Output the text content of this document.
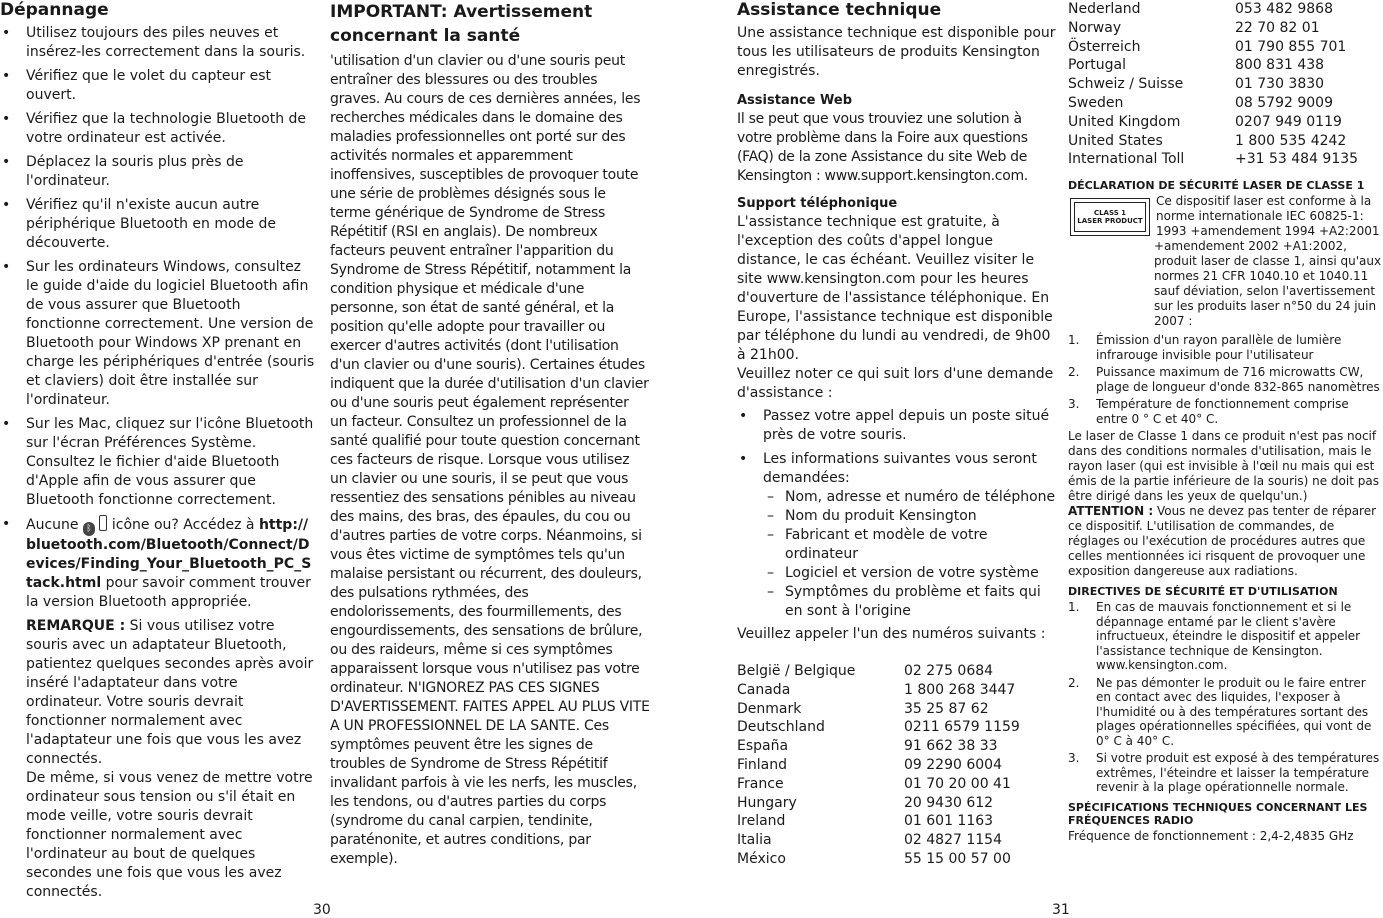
Dépannage
• Utilisez toujours des piles neuves et insérez-les correctement dans la souris.
• Vérifiez que le volet du capteur est ouvert.
• Vérifiez que la technologie Bluetooth de votre ordinateur est activée.
• Déplacez la souris plus près de l'ordinateur.
• Vérifiez qu'il n'existe aucun autre périphérique Bluetooth en mode de découverte.
• Sur les ordinateurs Windows, consultez le guide d'aide du logiciel Bluetooth afin de vous assurer que Bluetooth fonctionne correctement. Une version de Bluetooth pour Windows XP prenant en charge les périphériques d'entrée (souris et claviers) doit être installée sur l'ordinateur.
• Sur les Mac, cliquez sur l'icône Bluetooth sur l'écran Préférences Système. Consultez le fichier d'aide Bluetooth d'Apple afin de vous assurer que Bluetooth fonctionne correctement.
• Aucune ᛒ icône ou? Accédez à http://bluetooth.com/Bluetooth/Connect/Devices/Finding_Your_Bluetooth_PC_Stack.html pour savoir comment trouver la version Bluetooth appropriée.
REMARQUE : Si vous utilisez votre souris avec un adaptateur Bluetooth, patientez quelques secondes après avoir inséré l'adaptateur dans votre ordinateur. Votre souris devrait fonctionner normalement avec l'adaptateur une fois que vous les avez connectés.
De même, si vous venez de mettre votre ordinateur sous tension ou s'il était en mode veille, votre souris devrait fonctionner normalement avec l'ordinateur au bout de quelques secondes une fois que vous les avez connectés.
IMPORTANT: Avertissement concernant la santé
'utilisation d'un clavier ou d'une souris peut entraîner des blessures ou des troubles graves. Au cours de ces dernières années, les recherches médicales dans le domaine des maladies professionnelles ont porté sur des activités normales et apparemment inoffensives, susceptibles de provoquer toute une série de problèmes désignés sous le terme générique de Syndrome de Stress Répétitif (RSI en anglais). De nombreux facteurs peuvent entraîner l'apparition du Syndrome de Stress Répétitif, notamment la condition physique et médicale d'une personne, son état de santé général, et la position qu'elle adopte pour travailler ou exercer d'autres activités (dont l'utilisation d'un clavier ou d'une souris). Certaines études indiquent que la durée d'utilisation d'un clavier ou d'une souris peut également représenter un facteur. Consultez un professionnel de la santé qualifié pour toute question concernant ces facteurs de risque. Lorsque vous utilisez un clavier ou une souris, il se peut que vous ressentiez des sensations pénibles au niveau des mains, des bras, des épaules, du cou ou d'autres parties de votre corps. Néanmoins, si vous êtes victime de symptômes tels qu'un malaise persistant ou récurrent, des douleurs, des pulsations rythmées, des endolorissements, des fourmillements, des engourdissements, des sensations de brûlure, ou des raideurs, même si ces symptômes apparaissent lorsque vous n'utilisez pas votre ordinateur. N'IGNOREZ PAS CES SIGNES D'AVERTISSEMENT. FAITES APPEL AU PLUS VITE A UN PROFESSIONNEL DE LA SANTE. Ces symptômes peuvent être les signes de troubles de Syndrome de Stress Répétitif invalidant parfois à vie les nerfs, les muscles, les tendons, ou d'autres parties du corps (syndrome du canal carpien, tendinite, paraténonite, et autres conditions, par exemple).
Assistance technique
Une assistance technique est disponible pour tous les utilisateurs de produits Kensington enregistrés.
Assistance Web
Il se peut que vous trouviez une solution à votre problème dans la Foire aux questions (FAQ) de la zone Assistance du site Web de Kensington : www.support.kensington.com.
Support téléphonique
L'assistance technique est gratuite, à l'exception des coûts d'appel longue distance, le cas échéant. Veuillez visiter le site www.kensington.com pour les heures d'ouverture de l'assistance téléphonique. En Europe, l'assistance technique est disponible par téléphone du lundi au vendredi, de 9h00 à 21h00.
Veuillez noter ce qui suit lors d'une demande d'assistance :
• Passez votre appel depuis un poste situé près de votre souris.
• Les informations suivantes vous seront demandées:
– Nom, adresse et numéro de téléphone
– Nom du produit Kensington
– Fabricant et modèle de votre ordinateur
– Logiciel et version de votre système
– Symptômes du problème et faits qui en sont à l'origine
Veuillez appeler l'un des numéros suivants :
België / Belgique	02 275 0684
Canada	1 800 268 3447
Denmark	35 25 87 62
Deutschland	0211 6579 1159
España	91 662 38 33
Finland	09 2290 6004
France	01 70 20 00 41
Hungary	20 9430 612
Ireland	01 601 1163
Italia	02 4827 1154
México	55 15 00 57 00
Nederland	053 482 9868
Norway	22 70 82 01
Österreich	01 790 855 701
Portugal	800 831 438
Schweiz / Suisse	01 730 3830
Sweden	08 5792 9009
United Kingdom	0207 949 0119
United States	1 800 535 4242
International Toll	+31 53 484 9135
DÉCLARATION DE SÉCURITÉ LASER DE CLASSE 1
CLASS 1
LASER PRODUCT
Ce dispositif laser est conforme à la norme internationale IEC 60825-1: 1993 +amendement 1994 +A2:2001 +amendement 2002 +A1:2002, produit laser de classe 1, ainsi qu'aux normes 21 CFR 1040.10 et 1040.11 sauf déviation, selon l'avertissement sur les produits laser n°50 du 24 juin 2007 :
1. Émission d'un rayon parallèle de lumière infrarouge invisible pour l'utilisateur
2. Puissance maximum de 716 microwatts CW, plage de longueur d'onde 832-865 nanomètres
3. Température de fonctionnement comprise entre 0 ° C et 40° C.
Le laser de Classe 1 dans ce produit n'est pas nocif dans des conditions normales d'utilisation, mais le rayon laser (qui est invisible à l'œil nu mais qui est émis de la partie inférieure de la souris) ne doit pas être dirigé dans les yeux de quelqu'un.)
ATTENTION : Vous ne devez pas tenter de réparer ce dispositif. L'utilisation de commandes, de réglages ou l'exécution de procédures autres que celles mentionnées ici risquent de provoquer une exposition dangereuse aux radiations.
DIRECTIVES DE SÉCURITÉ ET D'UTILISATION
1. En cas de mauvais fonctionnement et si le dépannage entamé par le client s'avère infructueux, éteindre le dispositif et appeler l'assistance technique de Kensington. www.kensington.com.
2. Ne pas démonter le produit ou le faire entrer en contact avec des liquides, l'exposer à l'humidité ou à des températures sortant des plages opérationnelles spécifiées, qui vont de 0° C à 40° C.
3. Si votre produit est exposé à des températures extrêmes, l'éteindre et laisser la température revenir à la plage opérationnelle normale.
SPÉCIFICATIONS TECHNIQUES CONCERNANT LES FRÉQUENCES RADIO
Fréquence de fonctionnement : 2,4-2,4835 GHz
30	31
